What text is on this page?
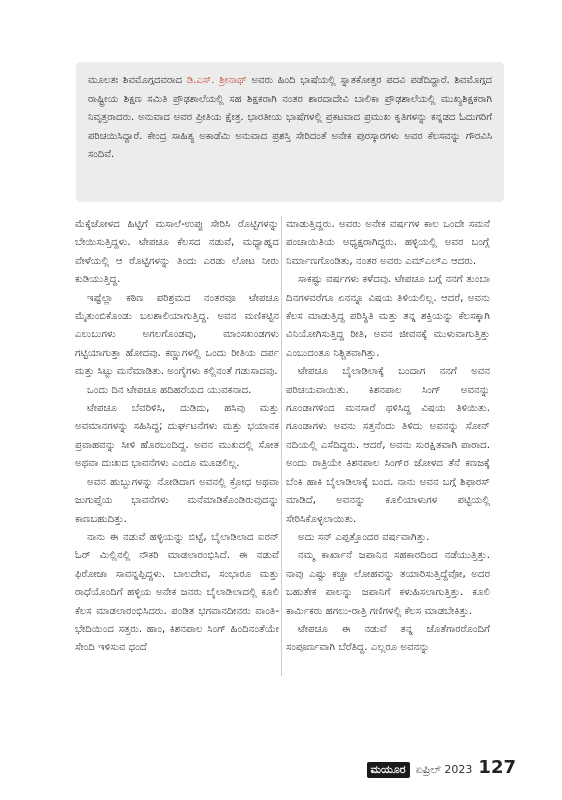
ಮೂಲತಃ ಶಿವಮೊಗ್ಗದವರಾದ ಡಿ.ಎಸ್. ಶ್ರೀನಾಥ್ ಅವರು ಹಿಂದಿ ಭಾಷೆಯಲ್ಲಿ ಸ್ನಾತಕೋತ್ತರ ಪದವಿ ಪಡೆದಿದ್ದಾರೆ. ಶಿವಮೊಗ್ಗದ ರಾಷ್ಟ್ರೀಯ ಶಿಕ್ಷಣ ಸಮಿತಿ ಪ್ರೌಢಶಾಲೆಯಲ್ಲಿ ಸಹ ಶಿಕ್ಷಕರಾಗಿ ನಂತರ ಶಾರದಾದೇವಿ ಬಾಲಿಕಾ ಪ್ರೌಢಶಾಲೆಯಲ್ಲಿ ಮುಖ್ಯಶಿಕ್ಷಕರಾಗಿ ನಿವೃತ್ತರಾದರು. ಅನುವಾದ ಅವರ ಪ್ರೀತಿಯ ಕ್ಷೇತ್ರ. ಭಾರತೀಯ ಭಾಷೆಗಳಲ್ಲಿ ಪ್ರಕಟವಾದ ಪ್ರಮುಖ ಕೃತಿಗಳನ್ನು ಕನ್ನಡದ ಓದುಗರಿಗೆ ಪರಿಚಯಿಸಿದ್ದಾರೆ. ಕೇಂದ್ರ ಸಾಹಿತ್ಯ ಅಕಾಡೆಮಿ ಅನುವಾದ ಪ್ರಶಸ್ತಿ ಸೇರಿದಂತೆ ಅನೇಕ ಪುರಸ್ಕಾರಗಳು ಅವರ ಕೆಲಸವನ್ನು ಗೌರವಿಸಿ ಸಂದಿವೆ.

ಮೆಕ್ಕೆಜೋಳದ ಹಿಟ್ಟಿಗೆ ಮಸಾಲೆ-ಉಪ್ಪು ಸೇರಿಸಿ ರೊಟ್ಟಿಗಳನ್ನು ಬೇಯಿಸುತ್ತಿದ್ದಳು. ಟೇಪಚೂ ಕೆಲಸದ ನಡುವೆ, ಮಧ್ಯಾಹ್ನದ ವೇಳೆಯಲ್ಲಿ ಆ ರೊಟ್ಟಿಗಳನ್ನು ತಿಂದು ಎರಡು ಲೋಟ ನೀರು ಕುಡಿಯುತ್ತಿದ್ದ.

ಇಷ್ಟೆಲ್ಲಾ ಕಠಿಣ ಪರಿಶ್ರಮದ ನಂತರವೂ ಟೇಪಚೂ ಮೈತುಂಬಿಕೊಂಡು ಬಲಶಾಲಿಯಾಗುತ್ತಿದ್ದ. ಅವನ ಮಣಿಕಟ್ಟಿನ ಎಲುಬುಗಳು ಅಗಲಗೊಂಡವು, ಮಾಂಸಖಂಡಗಳು ಗಟ್ಟಿಯಾಗುತ್ತಾ ಹೋದವು. ಕಣ್ಣುಗಳಲ್ಲಿ ಒಂದು ರೀತಿಯ ದರ್ಪ ಮತ್ತು ಸಿಟ್ಟು ಮನೆಮಾಡಿತು. ಅಂಗೈಗಳು ಕಲ್ಲಿನಂತೆ ಗಡುಸಾದವು.

ಒಂದು ದಿನ ಟೇಪಚೂ ಹದಿಹರೆಯದ ಯುವಕನಾದ.

ಟೇಪಚೂ ಬೆವರಿಳಿಸಿ, ದುಡಿದು, ಹಸಿವು ಮತ್ತು ಅವಮಾನಗಳನ್ನು ಸಹಿಸಿದ್ದ; ದುರ್ಘಟನೆಗಳು ಮತ್ತು ಭಯಾನಕ ಪ್ರವಾಹವನ್ನು ಸೀಳಿ ಹೊರಬಂದಿದ್ದ. ಅವನ ಮುಖದಲ್ಲಿ ಸೋತ ಅಥವಾ ದುಃಖದ ಭಾವನೆಗಳು ಎಂದೂ ಮೂಡಲಿಲ್ಲ.

ಅವನ ಹುಬ್ಬುಗಳನ್ನು ನೋಡಿದಾಗ ಅವನಲ್ಲಿ ಕ್ರೋಧ ಅಥವಾ ಜುಗುಪ್ಸೆಯ ಭಾವನೆಗಳು ಮನೆಮಾಡಿಕೊಂಡಿರುವುದನ್ನು ಕಾಣಬಹುದಿತ್ತು.

ನಾನು ಈ ನಡುವೆ ಹಳ್ಳಿಯನ್ನು ಬಿಟ್ಟೆ, ಬೈಲಾಡಿಲಾದ ಐರನ್ ಓರ್ ಮಿಲ್ಲಿನಲ್ಲಿ ನೌಕರಿ ಮಾಡಲಾರಂಭಿಸಿದೆ. ಈ ನಡುವೆ ಫಿರೋಜಾ ಸಾವನ್ನಪ್ಪಿದ್ದಳು. ಬಾಲದೇವ, ಸಂಭಾರೂ ಮತ್ತು ರಾಧೆಯೊಂದಿಗೆ ಹಳ್ಳಿಯ ಅನೇಕ ಜನರು ಬೈಲಾಡಿಲಾದಲ್ಲಿ ಕೂಲಿ ಕೆಲಸ ಮಾಡಲಾರಂಭಿಸಿದರು. ಪಂಡಿತ ಭಗವಾನದೀನರು ವಾಂತಿ-ಭೇದಿಯಿಂದ ಸತ್ತರು. ಹಾಂ, ಕಿಶನಪಾಲ ಸಿಂಗ್ ಹಿಂದಿನಂತೆಯೇ ಸೇಂದಿ ಇಳಿಸುವ ಧಂದೆ

ಮಾಡುತ್ತಿದ್ದರು. ಅವರು ಅನೇಕ ವರ್ಷಗಳ ಕಾಲ ಒಂದೇ ಸಮನೆ ಪಂಚಾಯಿತಿಯ ಅಧ್ಯಕ್ಷರಾಗಿದ್ದರು. ಹಳ್ಳಿಯಲ್ಲಿ ಅವರ ಬಂಗ್ಲೆ ನಿರ್ಮಾಣಗೊಂಡಿತು, ನಂತರ ಅವರು ಎಮ್‌ಎಲ್‌ಎ ಆದರು.

ಸಾಕಷ್ಟು ವರ್ಷಗಳು ಕಳೆದವು. ಟೇಪಚೂ ಬಗ್ಗೆ ನನಗೆ ತುಂಬಾ ದಿನಗಳವರೆಗೂ ಏನನ್ನೂ ವಿಷಯ ತಿಳಿಯಲಿಲ್ಲ. ಆದರೆ, ಅವನು ಕೆಲಸ ಮಾಡುತ್ತಿದ್ದ ಪರಿಸ್ಥಿತಿ ಮತ್ತು ತನ್ನ ಶಕ್ತಿಯನ್ನು ಕೆಲಸಕ್ಕಾಗಿ ವಿನಿಯೋಗಿಸುತ್ತಿದ್ದ ರೀತಿ, ಅವನ ಜೀವನಕ್ಕೆ ಮುಳುವಾಗುತ್ತಿತ್ತು ಎಂಬುದಂತೂ ನಿಶ್ಚಿತವಾಗಿತ್ತು.

ಟೇಪಚೂ ಬೈಲಾಡಿಲಾಕ್ಕೆ ಬಂದಾಗ ನನಗೆ ಅವನ ಪರಿಚಯವಾಯಿತು. ಕಿಶನಪಾಲ ಸಿಂಗ್ ಅವನನ್ನು ಗೂಂಡಾಗಳಿಂದ ಮನಸಾರೆ ಥಳಿಸಿದ್ದ ವಿಷಯ ತಿಳಿಯಿತು. ಗೂಂಡಾಗಳು ಅವನು ಸತ್ತನೆಂದು ತಿಳಿದು ಅವನನ್ನು ಸೋನ್ ನದಿಯಲ್ಲಿ ಎಸೆದಿದ್ದರು. ಆದರೆ, ಅವನು ಸುರಕ್ಷಿತವಾಗಿ ಪಾರಾದ. ಅಂದು ರಾತ್ರಿಯೇ ಕಿಶನಪಾಲ ಸಿಂಗ್‌ರ ಜೋಳದ ತೆನೆ ಕಣಜಕ್ಕೆ ಬೆಂಕಿ ಹಾಕಿ ಬೈಲಾಡಿಲಾಕ್ಕೆ ಬಂದ. ನಾನು ಅವನ ಬಗ್ಗೆ ಶಿಫಾರಸ್ ಮಾಡಿದೆ, ಅವನನ್ನು ಕೂಲಿಯಾಳುಗಳ ಪಟ್ಟಿಯಲ್ಲಿ ಸೇರಿಸಿಕೊಳ್ಳಲಾಯಿತು.

ಅದು ಸನ್ ಎಪ್ಪತ್ತೊಂದರ ವರ್ಷವಾಗಿತ್ತು.

ನಮ್ಮ ಕಾರ್ಖಾನೆ ಜಪಾನಿನ ಸಹಕಾರದಿಂದ ನಡೆಯುತ್ತಿತ್ತು. ನಾವು ಎಷ್ಟು ಕಚ್ಚಾ ಲೋಹವನ್ನು ತಯಾರಿಸುತ್ತಿದ್ದೆವೋ, ಅದರ ಬಹುತೇಕ ಪಾಲನ್ನು ಜಪಾನಿಗೆ ಕಳುಹಿಸಲಾಗುತ್ತಿತ್ತು. ಕೂಲಿ ಕಾರ್ಮಿಕರು ಹಗಲು-ರಾತ್ರಿ ಗಣಿಗಳಲ್ಲಿ ಕೆಲಸ ಮಾಡಬೇಕಿತ್ತು.

ಟೇಪಚೂ ಈ ನಡುವೆ ತನ್ನ ಜೊತೆಗಾರರೊಂದಿಗೆ ಸಂಪೂರ್ಣವಾಗಿ ಬೆರೆತಿದ್ದ. ಎಲ್ಲರೂ ಅವನನ್ನು

ಮಯೂರ ಏಪ್ರಿಲ್ 2023 127
